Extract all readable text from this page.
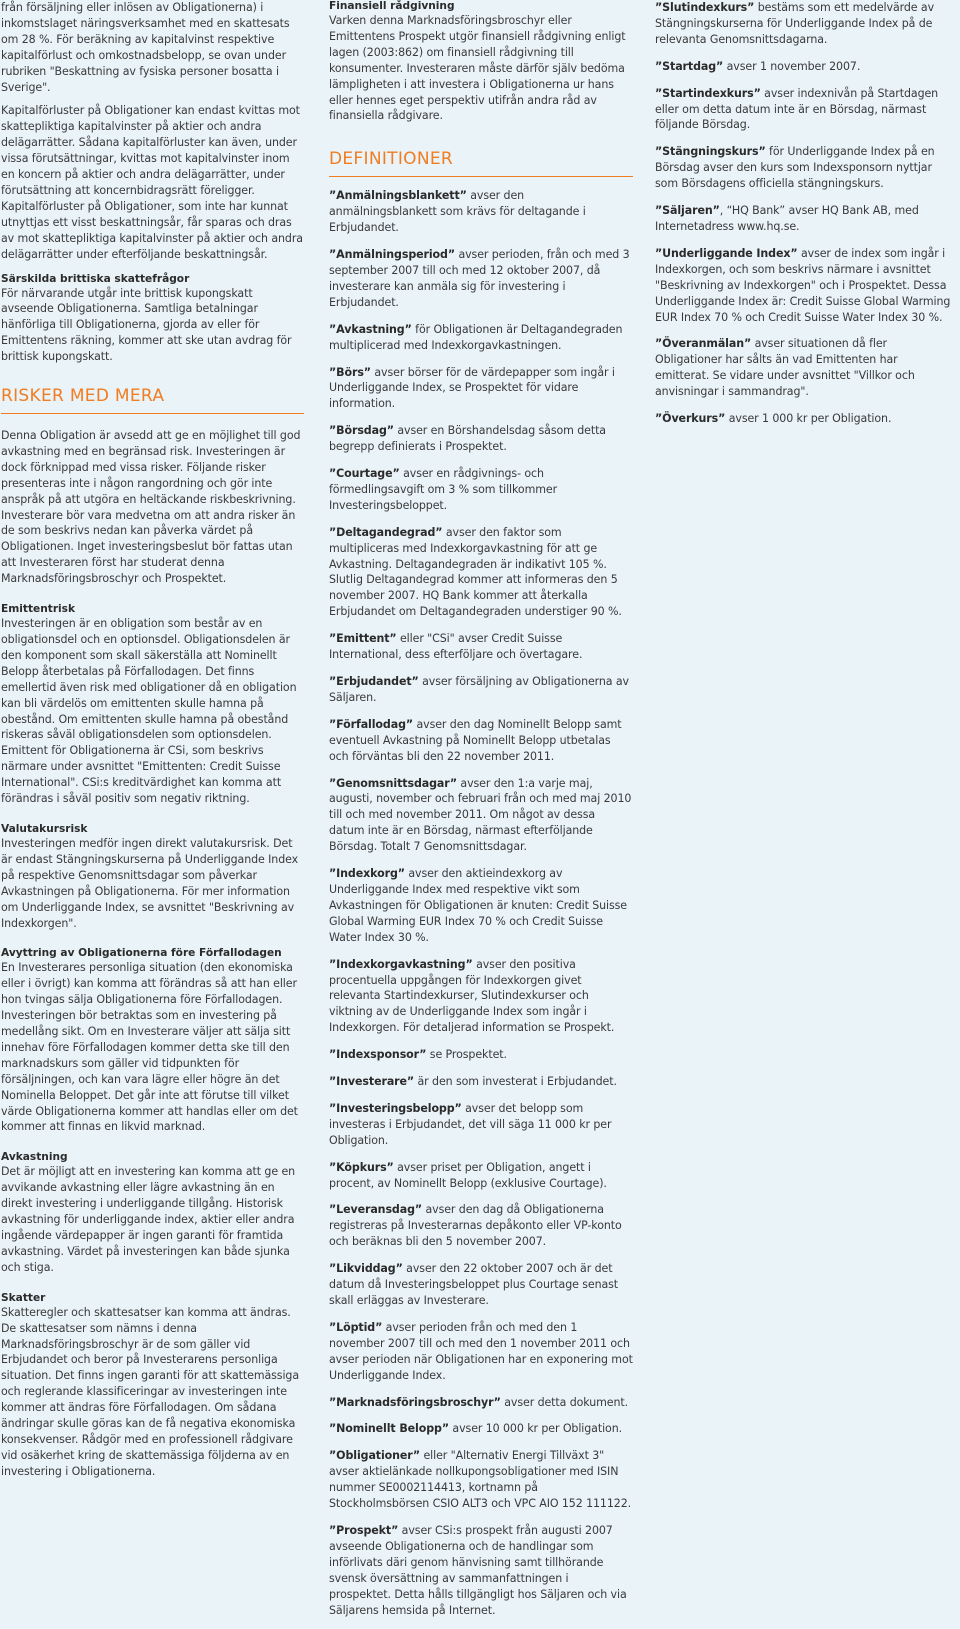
från försäljning eller inlösen av Obligationerna) i inkomstslaget näringsverksamhet med en skattesats om 28 %. För beräkning av kapitalvinst respektive kapitalförlust och omkostnadsbelopp, se ovan under rubriken "Beskattning av fysiska personer bosatta i Sverige".

Kapitalförluster på Obligationer kan endast kvittas mot skattepliktiga kapitalvinster på aktier och andra delägarrätter. Sådana kapitalförluster kan även, under vissa förutsättningar, kvittas mot kapitalvinster inom en koncern på aktier och andra delägarrätter, under förutsättning att koncernbidragsrätt föreligger. Kapitalförluster på Obligationer, som inte har kunnat utnyttjas ett visst beskattningsår, får sparas och dras av mot skattepliktiga kapitalvinster på aktier och andra delägarrätter under efterföljande beskattningsår.

Särskilda brittiska skattefrågor

För närvarande utgår inte brittisk kupongskatt avseende Obligationerna. Samtliga betalningar hänförliga till Obligationerna, gjorda av eller för Emittentens räkning, kommer att ske utan avdrag för brittisk kupongskatt.

RISKER MED MERA

Denna Obligation är avsedd att ge en möjlighet till god avkastning med en begränsad risk. Investeringen är dock förknippad med vissa risker. Följande risker presenteras inte i någon rangordning och gör inte anspråk på att utgöra en heltäckande riskbeskrivning. Investerare bör vara medvetna om att andra risker än de som beskrivs nedan kan påverka värdet på Obligationen. Inget investeringsbeslut bör fattas utan att Investeraren först har studerat denna Marknadsföringsbroschyr och Prospektet.

Emittentrisk

Investeringen är en obligation som består av en obligationsdel och en optionsdel. Obligationsdelen är den komponent som skall säkerställa att Nominellt Belopp återbetalas på Förfallodagen. Det finns emellertid även risk med obligationer då en obligation kan bli värdelös om emittenten skulle hamna på obestånd. Om emittenten skulle hamna på obestånd riskeras såväl obligationsdelen som optionsdelen. Emittent för Obligationerna är CSi, som beskrivs närmare under avsnittet "Emittenten: Credit Suisse International". CSi:s kreditvärdighet kan komma att förändras i såväl positiv som negativ riktning.

Valutakursrisk

Investeringen medför ingen direkt valutakursrisk. Det är endast Stängningskurserna på Underliggande Index på respektive Genomsnittsdagar som påverkar Avkastningen på Obligationerna. För mer information om Underliggande Index, se avsnittet "Beskrivning av Indexkorgen".

Avyttring av Obligationerna före Förfallodagen

En Investerares personliga situation (den ekonomiska eller i övrigt) kan komma att förändras så att han eller hon tvingas sälja Obligationerna före Förfallodagen. Investeringen bör betraktas som en investering på medellång sikt. Om en Investerare väljer att sälja sitt innehav före Förfallodagen kommer detta ske till den marknadskurs som gäller vid tidpunkten för försäljningen, och kan vara lägre eller högre än det Nominella Beloppet. Det går inte att förutse till vilket värde Obligationerna kommer att handlas eller om det kommer att finnas en likvid marknad.

Avkastning

Det är möjligt att en investering kan komma att ge en avvikande avkastning eller lägre avkastning än en direkt investering i underliggande tillgång. Historisk avkastning för underliggande index, aktier eller andra ingående värdepapper är ingen garanti för framtida avkastning. Värdet på investeringen kan både sjunka och stiga.

Skatter

Skatteregler och skattesatser kan komma att ändras. De skattesatser som nämns i denna Marknadsföringsbroschyr är de som gäller vid Erbjudandet och beror på Investerarens personliga situation. Det finns ingen garanti för att skattemässiga och reglerande klassificeringar av investeringen inte kommer att ändras före Förfallodagen. Om sådana ändringar skulle göras kan de få negativa ekonomiska konsekvenser. Rådgör med en professionell rådgivare vid osäkerhet kring de skattemässiga följderna av en investering i Obligationerna.

Finansiell rådgivning

Varken denna Marknadsföringsbroschyr eller Emittentens Prospekt utgör finansiell rådgivning enligt lagen (2003:862) om finansiell rådgivning till konsumenter. Investeraren måste därför själv bedöma lämpligheten i att investera i Obligationerna ur hans eller hennes eget perspektiv utifrån andra råd av finansiella rådgivare.

DEFINITIONER

”Anmälningsblankett” avser den anmälningsblankett som krävs för deltagande i Erbjudandet.

”Anmälningsperiod” avser perioden, från och med 3 september 2007 till och med 12 oktober 2007, då investerare kan anmäla sig för investering i Erbjudandet.

”Avkastning” för Obligationen är Deltagandegraden multiplicerad med Indexkorgavkastningen.

”Börs” avser börser för de värdepapper som ingår i Underliggande Index, se Prospektet för vidare information.

”Börsdag” avser en Börshandelsdag såsom detta begrepp definierats i Prospektet.

”Courtage” avser en rådgivnings- och förmedlingsavgift om 3 % som tillkommer Investeringsbeloppet.

”Deltagandegrad” avser den faktor som multipliceras med Indexkorgavkastning för att ge Avkastning. Deltagandegraden är indikativt 105 %. Slutlig Deltagandegrad kommer att informeras den 5 november 2007. HQ Bank kommer att återkalla Erbjudandet om Deltagandegraden understiger 90 %.

”Emittent” eller "CSi" avser Credit Suisse International, dess efterföljare och övertagare.

”Erbjudandet” avser försäljning av Obligationerna av Säljaren.

”Förfallodag” avser den dag Nominellt Belopp samt eventuell Avkastning på Nominellt Belopp utbetalas och förväntas bli den 22 november 2011.

”Genomsnittsdagar” avser den 1:a varje maj, augusti, november och februari från och med maj 2010 till och med november 2011. Om något av dessa datum inte är en Börsdag, närmast efterföljande Börsdag. Totalt 7 Genomsnittsdagar.

”Indexkorg” avser den aktieindexkorg av Underliggande Index med respektive vikt som Avkastningen för Obligationen är knuten: Credit Suisse Global Warming EUR Index 70 % och Credit Suisse Water Index 30 %.

”Indexkorgavkastning” avser den positiva procentuella uppgången för Indexkorgen givet relevanta Startindexkurser, Slutindexkurser och viktning av de Underliggande Index som ingår i Indexkorgen. För detaljerad information se Prospekt.

”Indexsponsor” se Prospektet.

”Investerare” är den som investerat i Erbjudandet.

”Investeringsbelopp” avser det belopp som investeras i Erbjudandet, det vill säga 11 000 kr per Obligation.

”Köpkurs” avser priset per Obligation, angett i procent, av Nominellt Belopp (exklusive Courtage).

”Leveransdag” avser den dag då Obligationerna registreras på Investerarnas depåkonto eller VP-konto och beräknas bli den 5 november 2007.

”Likviddag” avser den 22 oktober 2007 och är det datum då Investeringsbeloppet plus Courtage senast skall erläggas av Investerare.

”Löptid” avser perioden från och med den 1 november 2007 till och med den 1 november 2011 och avser perioden när Obligationen har en exponering mot Underliggande Index.

”Marknadsföringsbroschyr” avser detta dokument.

”Nominellt Belopp” avser 10 000 kr per Obligation.

”Obligationer” eller "Alternativ Energi Tillväxt 3" avser aktielänkade nollkupongsobligationer med ISIN nummer SE0002114413, kortnamn på Stockholmsbörsen CSIO ALT3 och VPC AIO 152 111122.

”Prospekt” avser CSi:s prospekt från augusti 2007 avseende Obligationerna och de handlingar som införlivats däri genom hänvisning samt tillhörande svensk översättning av sammanfattningen i prospektet. Detta hålls tillgängligt hos Säljaren och via Säljarens hemsida på Internet.

”Slutindexkurs” bestäms som ett medelvärde av Stängningskurserna för Underliggande Index på de relevanta Genomsnittsdagarna.

”Startdag” avser 1 november 2007.

”Startindexkurs” avser indexnivån på Startdagen eller om detta datum inte är en Börsdag, närmast följande Börsdag.

”Stängningskurs” för Underliggande Index på en Börsdag avser den kurs som Indexsponsorn nyttjar som Börsdagens officiella stängningskurs.

”Säljaren”, “HQ Bank” avser HQ Bank AB, med Internetadress www.hq.se.

”Underliggande Index” avser de index som ingår i Indexkorgen, och som beskrivs närmare i avsnittet "Beskrivning av Indexkorgen" och i Prospektet. Dessa Underliggande Index är: Credit Suisse Global Warming EUR Index 70 % och Credit Suisse Water Index 30 %.

”Överanmälan” avser situationen då fler Obligationer har sålts än vad Emittenten har emitterat. Se vidare under avsnittet "Villkor och anvisningar i sammandrag".

”Överkurs” avser 1 000 kr per Obligation.
